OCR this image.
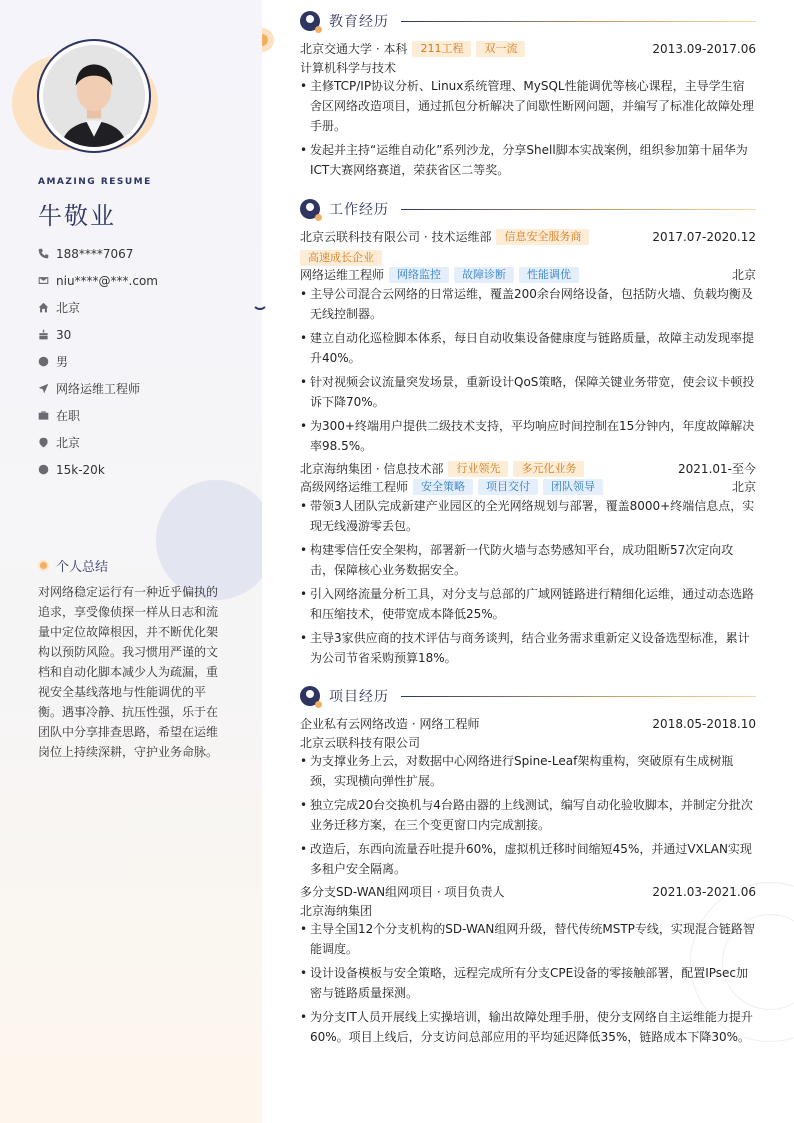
AMAZING RESUME
牛敬业
188****7067
niu****@***.com
北京
30
男
网络运维工程师
在职
北京
15k-20k
个人总结
对网络稳定运行有一种近乎偏执的追求，享受像侦探一样从日志和流量中定位故障根因，并不断优化架构以预防风险。我习惯用严谨的文档和自动化脚本减少人为疏漏，重视安全基线落地与性能调优的平衡。遇事冷静、抗压性强，乐于在团队中分享排查思路，希望在运维岗位上持续深耕，守护业务命脉。
教育经历
北京交通大学 · 本科	211工程	双一流	2013.09-2017.06
计算机科学与技术
• 主修TCP/IP协议分析、Linux系统管理、MySQL性能调优等核心课程，主导学生宿舍区网络改造项目，通过抓包分析解决了间歇性断网问题，并编写了标准化故障处理手册。
• 发起并主持“运维自动化”系列沙龙，分享Shell脚本实战案例，组织参加第十届华为ICT大赛网络赛道，荣获省区二等奖。
工作经历
北京云联科技有限公司 · 技术运维部	信息安全服务商	2017.07-2020.12
高速成长企业
网络运维工程师	网络监控	故障诊断	性能调优	北京
• 主导公司混合云网络的日常运维，覆盖200余台网络设备，包括防火墙、负载均衡及无线控制器。
• 建立自动化巡检脚本体系，每日自动收集设备健康度与链路质量，故障主动发现率提升40%。
• 针对视频会议流量突发场景，重新设计QoS策略，保障关键业务带宽，使会议卡顿投诉下降70%。
• 为300+终端用户提供二级技术支持，平均响应时间控制在15分钟内，年度故障解决率98.5%。
北京海纳集团 · 信息技术部	行业领先	多元化业务	2021.01-至今
高级网络运维工程师	安全策略	项目交付	团队领导	北京
• 带领3人团队完成新建产业园区的全光网络规划与部署，覆盖8000+终端信息点，实现无线漫游零丢包。
• 构建零信任安全架构，部署新一代防火墙与态势感知平台，成功阻断57次定向攻击，保障核心业务数据安全。
• 引入网络流量分析工具，对分支与总部的广域网链路进行精细化运维，通过动态选路和压缩技术，使带宽成本降低25%。
• 主导3家供应商的技术评估与商务谈判，结合业务需求重新定义设备选型标准，累计为公司节省采购预算18%。
项目经历
企业私有云网络改造 · 网络工程师	2018.05-2018.10
北京云联科技有限公司
• 为支撑业务上云，对数据中心网络进行Spine-Leaf架构重构，突破原有生成树瓶颈，实现横向弹性扩展。
• 独立完成20台交换机与4台路由器的上线测试，编写自动化验收脚本，并制定分批次业务迁移方案，在三个变更窗口内完成割接。
• 改造后，东西向流量吞吐提升60%，虚拟机迁移时间缩短45%，并通过VXLAN实现多租户安全隔离。
多分支SD-WAN组网项目 · 项目负责人	2021.03-2021.06
北京海纳集团
• 主导全国12个分支机构的SD-WAN组网升级，替代传统MSTP专线，实现混合链路智能调度。
• 设计设备模板与安全策略，远程完成所有分支CPE设备的零接触部署，配置IPsec加密与链路质量探测。
• 为分支IT人员开展线上实操培训，输出故障处理手册，使分支网络自主运维能力提升60%。项目上线后，分支访问总部应用的平均延迟降低35%，链路成本下降30%。
